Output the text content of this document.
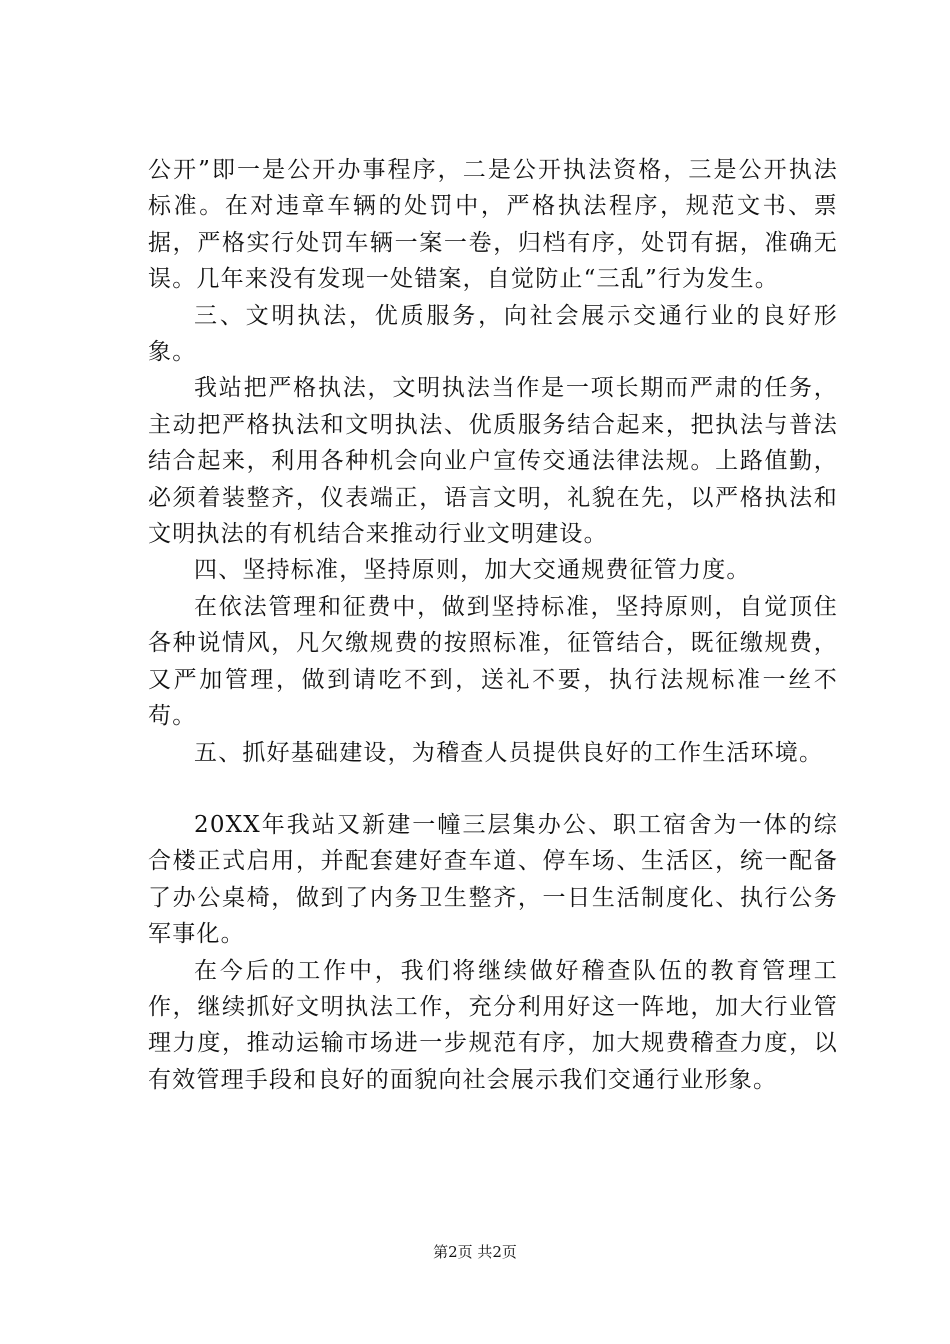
公开”即一是公开办事程序，二是公开执法资格，三是公开执法标准。在对违章车辆的处罚中，严格执法程序，规范文书、票据，严格实行处罚车辆一案一卷，归档有序，处罚有据，准确无误。几年来没有发现一处错案，自觉防止“三乱”行为发生。

三、文明执法，优质服务，向社会展示交通行业的良好形象。

我站把严格执法，文明执法当作是一项长期而严肃的任务，主动把严格执法和文明执法、优质服务结合起来，把执法与普法结合起来，利用各种机会向业户宣传交通法律法规。上路值勤，必须着装整齐，仪表端正，语言文明，礼貌在先，以严格执法和文明执法的有机结合来推动行业文明建设。

四、坚持标准，坚持原则，加大交通规费征管力度。

在依法管理和征费中，做到坚持标准，坚持原则，自觉顶住各种说情风，凡欠缴规费的按照标准，征管结合，既征缴规费，又严加管理，做到请吃不到，送礼不要，执行法规标准一丝不苟。

五、抓好基础建设，为稽查人员提供良好的工作生活环境。

20XX年我站又新建一幢三层集办公、职工宿舍为一体的综合楼正式启用，并配套建好查车道、停车场、生活区，统一配备了办公桌椅，做到了内务卫生整齐，一日生活制度化、执行公务军事化。

在今后的工作中，我们将继续做好稽查队伍的教育管理工作，继续抓好文明执法工作，充分利用好这一阵地，加大行业管理力度，推动运输市场进一步规范有序，加大规费稽查力度，以有效管理手段和良好的面貌向社会展示我们交通行业形象。

第2页 共2页
